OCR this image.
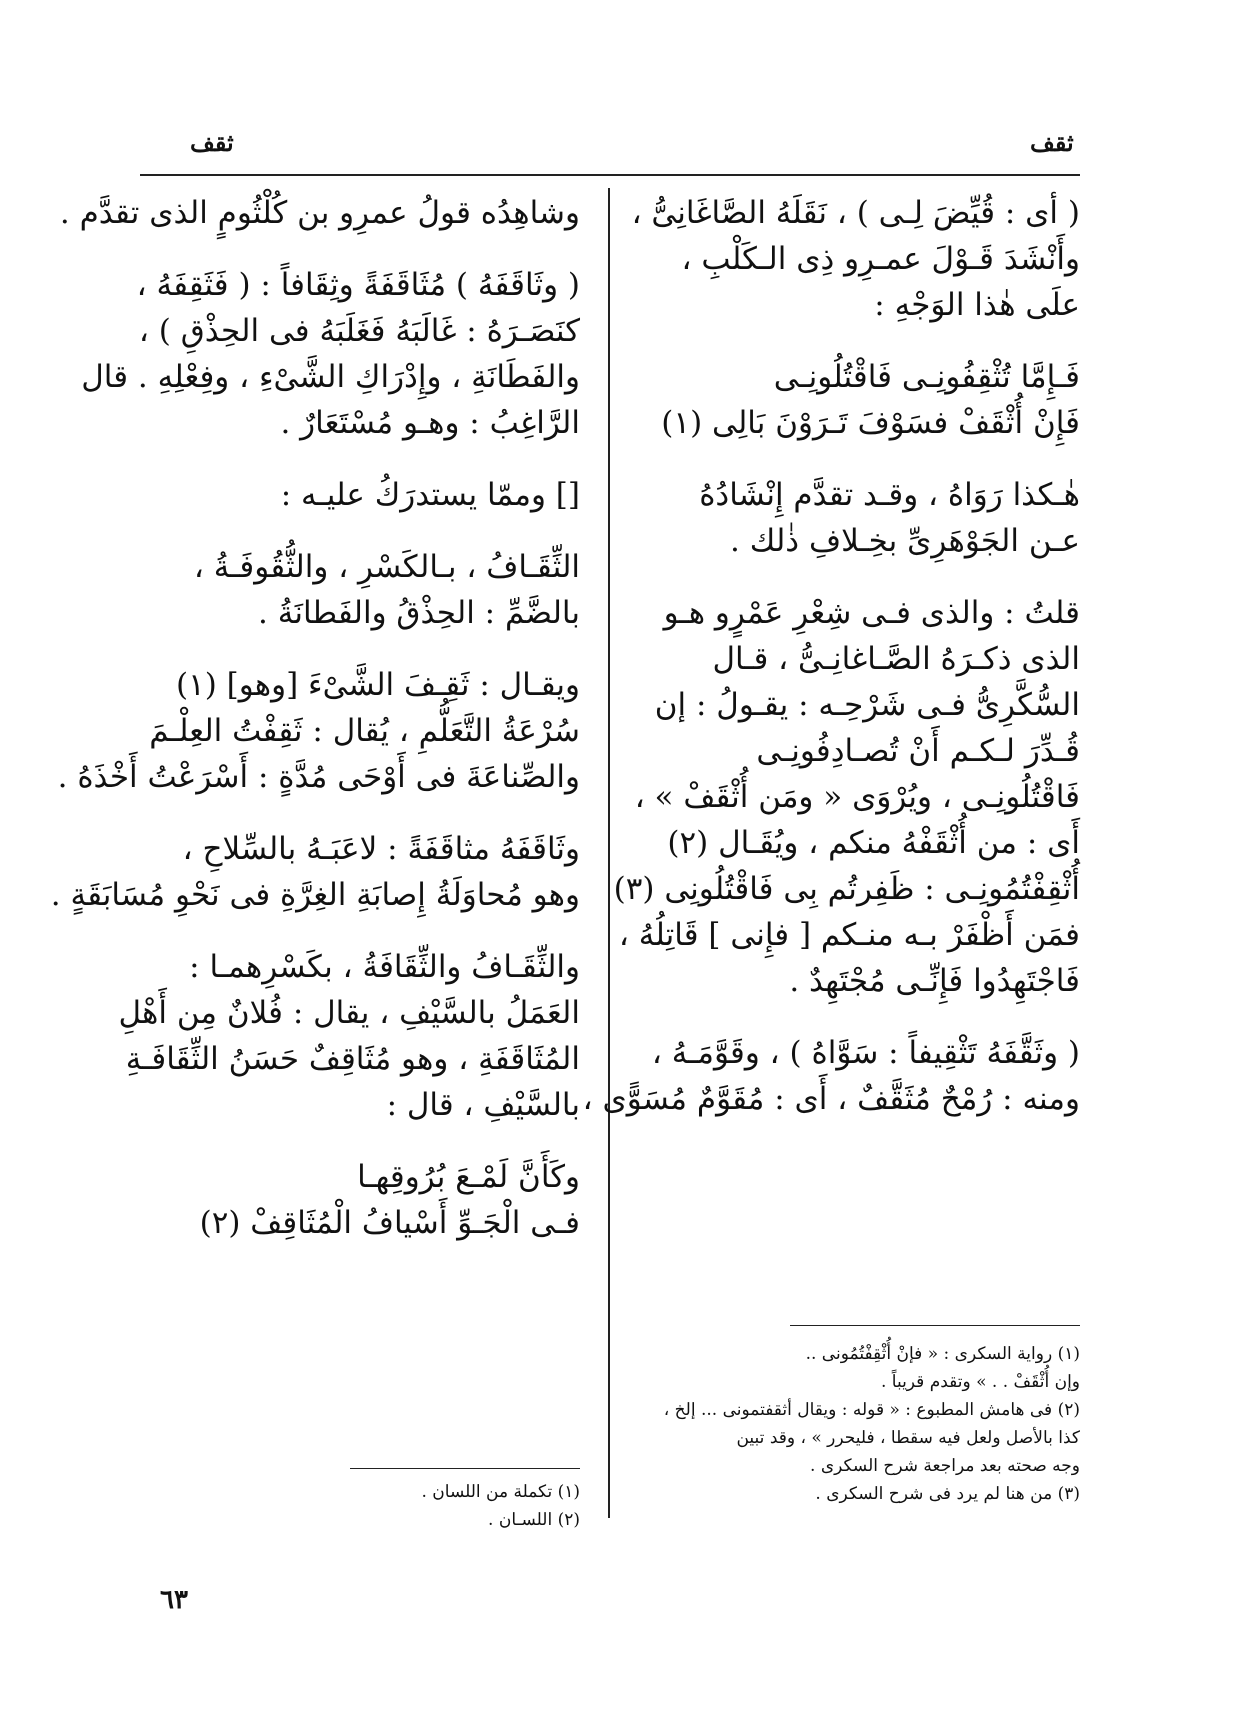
ثقف
ثقف
( أى : قُيِّضَ لِـى ) ، نَقَلَهُ الصَّاغَانِىُّ ،
وأَنْشَدَ قَـوْلَ عمـرِو ذِى الـكَلْبِ ،
علَى هٰذا الوَجْهِ :
فَـإِمَّا تُثْقِفُونِـى فَاقْتُلُونِـى
فَإِنْ أُثْقَفْ فسَوْفَ تَـرَوْنَ بَالِى (١)
هٰـكذا رَوَاهُ ، وقـد تقدَّم إِنْشَادُهُ
عـن الجَوْهَرِىِّ بخِـلافِ ذٰلك .
قلتُ : والذى فـى شِعْرِ عَمْرٍو هـو
الذى ذكـرَهُ الصَّـاغانِـىُّ ، قـال
السُّكَّرِىُّ فـى شَرْحِـه : يقـولُ : إن
قُـدِّرَ لـكـم أَنْ تُصـادِفُونِـى
فَاقْتُلُونِـى ، ويُرْوَى « ومَن أُثْقَفْ » ،
أَى : من أُثْقَفْهُ منكم ، ويُقَـال (٢)
أُثْقِفْتُمُونِـى : ظَفِرتُم بِى فَاقْتُلُونِى (٣)
فمَن أَظْفَرْ بـه منـكم [ فإِنى ] قَاتِلُهُ ،
فَاجْتَهِدُوا فَإِنِّـى مُجْتَهِدٌ .
( وثَقَّفَهُ تَثْقِيفاً : سَوَّاهُ ) ، وقَوَّمَـهُ ،
ومنه : رُمْحٌ مُثَقَّفٌ ، أَى : مُقَوَّمٌ مُسَوًّى ،
وشاهِدُه قولُ عمرِو بن كُلْثُومٍ الذى تقدَّم .
( وثَاقَفَهُ ) مُثَاقَفَةً وثِقَافاً : ( فَثَقِفَهُ ،
كنَصَـرَهُ : غَالَبَهُ فَغَلَبَهُ فى الحِذْقِ ) ،
والفَطَانَةِ ، وإِدْرَاكِ الشَّىْءِ ، وفِعْلِهِ . قال
الرَّاغِبُ : وهـو مُسْتَعَارٌ .
[] وممّا يستدرَكُ عليـه :
الثِّقَـافُ ، بـالكَسْرِ ، والثُّقُوفَـةُ ،
بالضَّمِّ : الحِذْقُ والفَطانَةُ .
ويقـال : ثَقِـفَ الشَّىْءَ [وهو] (١)
سُرْعَةُ التَّعَلُّمِ ، يُقال : ثَقِفْتُ العِلْـمَ
والصِّناعَةَ فى أَوْحَى مُدَّةٍ : أَسْرَعْتُ أَخْذَهُ .
وثَاقَفَهُ مثاقَفَةً : لاعَبَـهُ بالسِّلاحِ ،
وهو مُحاوَلَةُ إِصابَةِ الغِرَّةِ فى نَحْوِ مُسَابَقَةٍ .
والثِّقَـافُ والثِّقَافَةُ ، بكَسْرِهمـا :
العَمَلُ بالسَّيْفِ ، يقال : فُلانٌ مِن أَهْلِ
المُثَاقَفَةِ ، وهو مُثَاقِفٌ حَسَنُ الثِّقَافَـةِ
بالسَّيْفِ ، قال :
وكَأَنَّ لَمْـعَ بُرُوقِهـا
فـى الْجَـوِّ أَسْيافُ الْمُثَاقِفْ (٢)
(١) رواية السكرى : « فإنْ أُثْقِفْتُمُونى ..
وإن أُثْقَفْ . . » وتقدم قريباً .
(٢) فى هامش المطبوع : « قوله : ويقال أثقفتمونى ... إلخ ،
كذا بالأصل ولعل فيه سقطا ، فليحرر » ، وقد تبين
وجه صحته بعد مراجعة شرح السكرى .
(٣) من هنا لم يرد فى شرح السكرى .
(١) تكملة من اللسان .
(٢) اللسـان .
٦٣
